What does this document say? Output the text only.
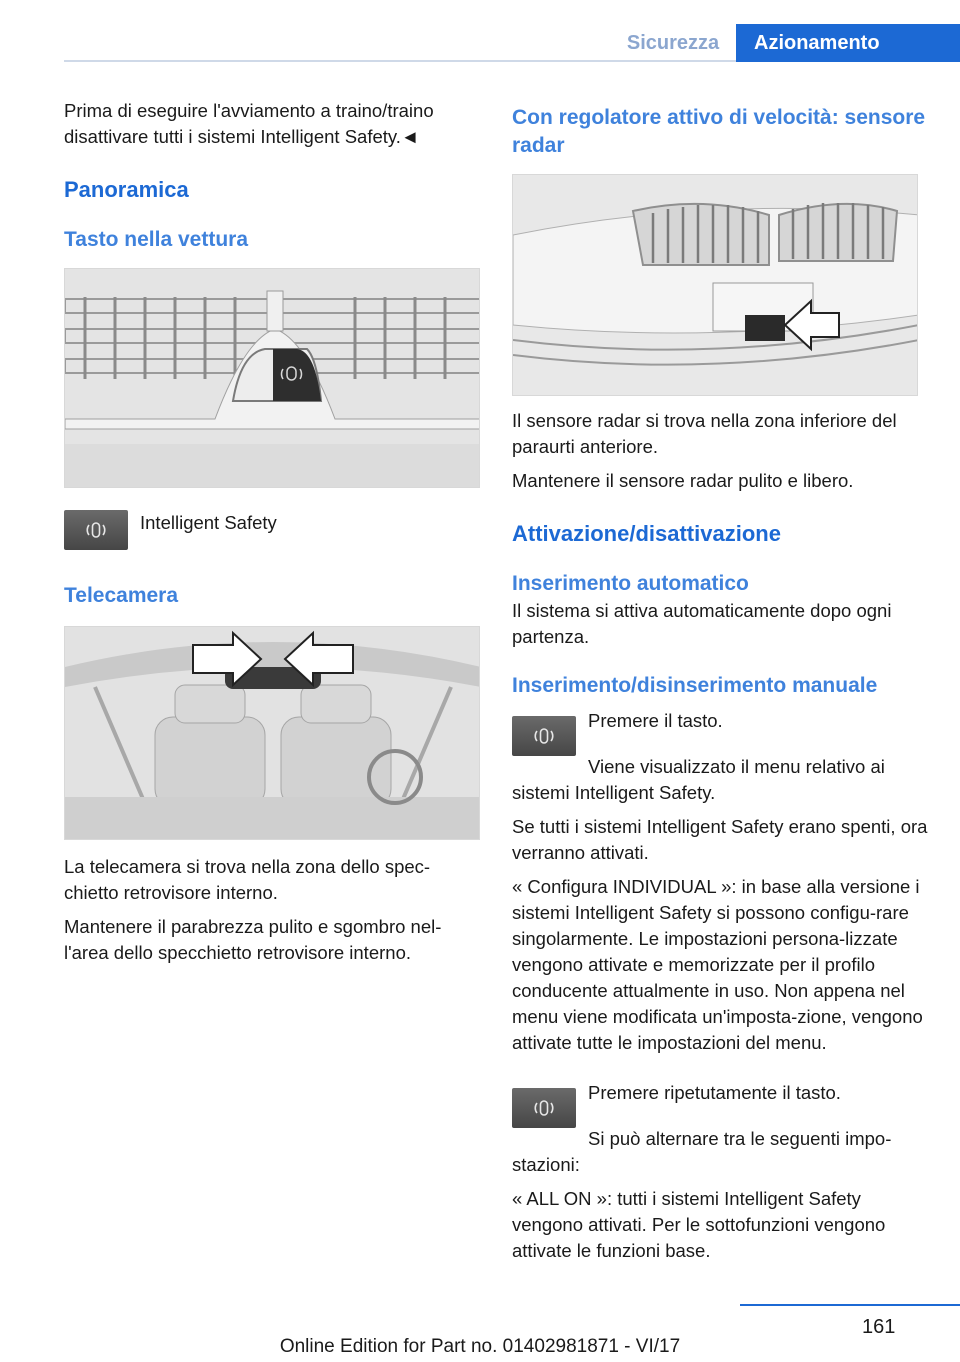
Sicurezza	Azionamento

Prima di eseguire l'avviamento a traino/traino disattivare tutti i sistemi Intelligent Safety.◄

Panoramica
Tasto nella vettura
Intelligent Safety
Telecamera

La telecamera si trova nella zona dello spec‐chietto retrovisore interno.

Mantenere il parabrezza pulito e sgombro nel‐l'area dello specchietto retrovisore interno.

Con regolatore attivo di velocità: sensore radar

Il sensore radar si trova nella zona inferiore del paraurti anteriore.

Mantenere il sensore radar pulito e libero.

Attivazione/disattivazione
Inserimento automatico

Il sistema si attiva automaticamente dopo ogni partenza.

Inserimento/disinserimento manuale

Premere il tasto.

Viene visualizzato il menu relativo ai sistemi Intelligent Safety.

Se tutti i sistemi Intelligent Safety erano spenti, ora verranno attivati.

« Configura INDIVIDUAL »: in base alla versione i sistemi Intelligent Safety si possono configu‐rare singolarmente. Le impostazioni persona‐lizzate vengono attivate e memorizzate per il profilo conducente attualmente in uso. Non appena nel menu viene modificata un'imposta‐zione, vengono attivate tutte le impostazioni del menu.

Premere ripetutamente il tasto.

Si può alternare tra le seguenti impo‐stazioni:

« ALL ON »: tutti i sistemi Intelligent Safety vengono attivati. Per le sottofunzioni vengono attivate le funzioni base.

161
Online Edition for Part no. 01402981871 - VI/17
